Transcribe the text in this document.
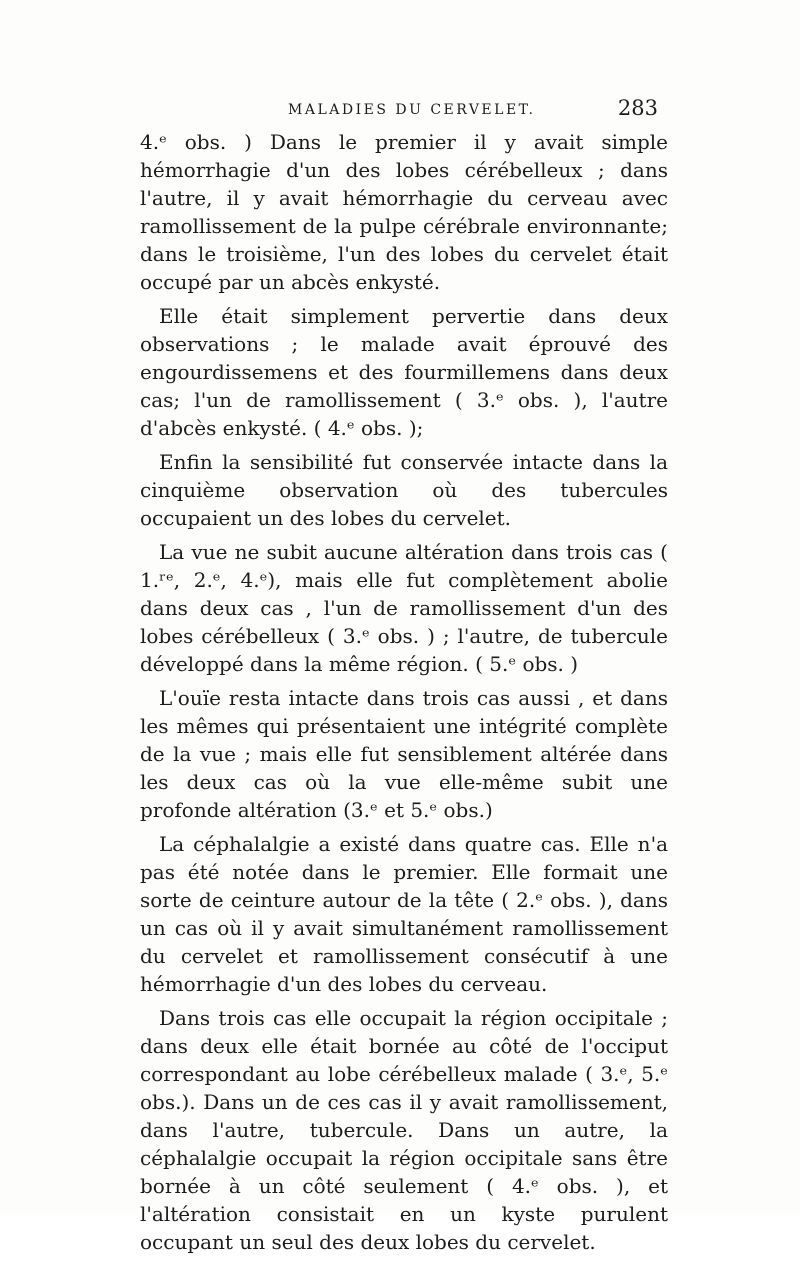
MALADIES DU CERVELET.	283

4.ᵉ obs. ) Dans le premier il y avait simple hémorrhagie d'un des lobes cérébelleux ; dans l'autre, il y avait hémorrhagie du cerveau avec ramollissement de la pulpe cérébrale environnante; dans le troisième, l'un des lobes du cervelet était occupé par un abcès enkysté.

Elle était simplement pervertie dans deux observations ; le malade avait éprouvé des engourdissemens et des fourmillemens dans deux cas; l'un de ramollissement ( 3.ᵉ obs. ), l'autre d'abcès enkysté. ( 4.ᵉ obs. );

Enfin la sensibilité fut conservée intacte dans la cinquième observation où des tubercules occupaient un des lobes du cervelet.

La vue ne subit aucune altération dans trois cas ( 1.ʳᵉ, 2.ᵉ, 4.ᵉ), mais elle fut complètement abolie dans deux cas , l'un de ramollissement d'un des lobes cérébelleux ( 3.ᵉ obs. ) ; l'autre, de tubercule développé dans la même région. ( 5.ᵉ obs. )

L'ouïe resta intacte dans trois cas aussi , et dans les mêmes qui présentaient une intégrité complète de la vue ; mais elle fut sensiblement altérée dans les deux cas où la vue elle-même subit une profonde altération (3.ᵉ et 5.ᵉ obs.)

La céphalalgie a existé dans quatre cas. Elle n'a pas été notée dans le premier. Elle formait une sorte de ceinture autour de la tête ( 2.ᵉ obs. ), dans un cas où il y avait simultanément ramollissement du cervelet et ramollissement consécutif à une hémorrhagie d'un des lobes du cerveau.

Dans trois cas elle occupait la région occipitale ; dans deux elle était bornée au côté de l'occiput correspondant au lobe cérébelleux malade ( 3.ᵉ, 5.ᵉ obs.). Dans un de ces cas il y avait ramollissement, dans l'autre, tubercule. Dans un autre, la céphalalgie occupait la région occipitale sans être bornée à un côté seulement ( 4.ᵉ obs. ), et l'altération consistait en un kyste purulent occupant un seul des deux lobes du cervelet.
